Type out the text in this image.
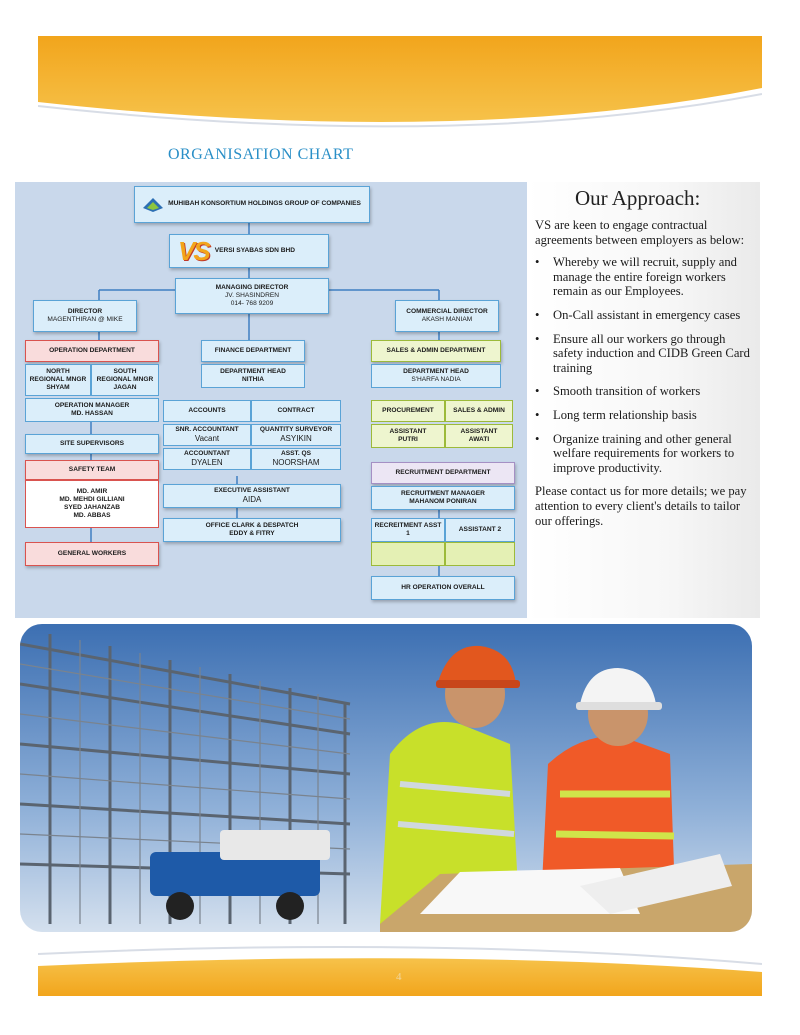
ORGANISATION CHART
MUHIBAH KONSORTIUM HOLDINGS GROUP OF COMPANIES
VS VERSI SYABAS SDN BHD
MANAGING DIRECTOR
JV. SHASINDREN
014- 768 9209
DIRECTOR
MAGENTHIRAN @ MIKE
COMMERCIAL DIRECTOR
AKASH MANIAM
OPERATION DEPARTMENT
NORTH
REGIONAL MNGR
SHYAM
SOUTH
REGIONAL MNGR
JAGAN
OPERATION MANAGER
MD. HASSAN
SITE SUPERVISORS
SAFETY TEAM
MD. AMIR
MD. MEHDI GILLIANI
SYED JAHANZAB
MD. ABBAS
GENERAL WORKERS
FINANCE DEPARTMENT
DEPARTMENT HEAD
NITHIA
ACCOUNTS	CONTRACT
SNR. ACCOUNTANT
Vacant
QUANTITY SURVEYOR
ASYIKIN
ACCOUNTANT
DYALEN
ASST. QS
NOORSHAM
EXECUTIVE ASSISTANT
AIDA
OFFICE CLARK & DESPATCH
EDDY & FITRY
SALES & ADMIN DEPARTMENT
DEPARTMENT HEAD
S'HARFA NADIA
PROCUREMENT	SALES & ADMIN
ASSISTANT
PUTRI
ASSISTANT
AWATI
RECRUITMENT DEPARTMENT
RECRUITMENT MANAGER
MAHANOM PONIRAN
RECREITMENT ASST 1
ASSISTANT 2
HR OPERATION OVERALL
Our Approach:

VS are keen to engage contractual agreements between employers as below:

• Whereby we will recruit, supply and manage the entire foreign workers remain as our Employees.
• On-Call assistant in emergency cases
• Ensure all our workers go through safety induction and CIDB Green Card training
• Smooth transition of workers
• Long term relationship basis
• Organize training and other general welfare requirements for workers to improve productivity.

Please contact us for more details; we pay attention to every client's details to tailor our offerings.

4
